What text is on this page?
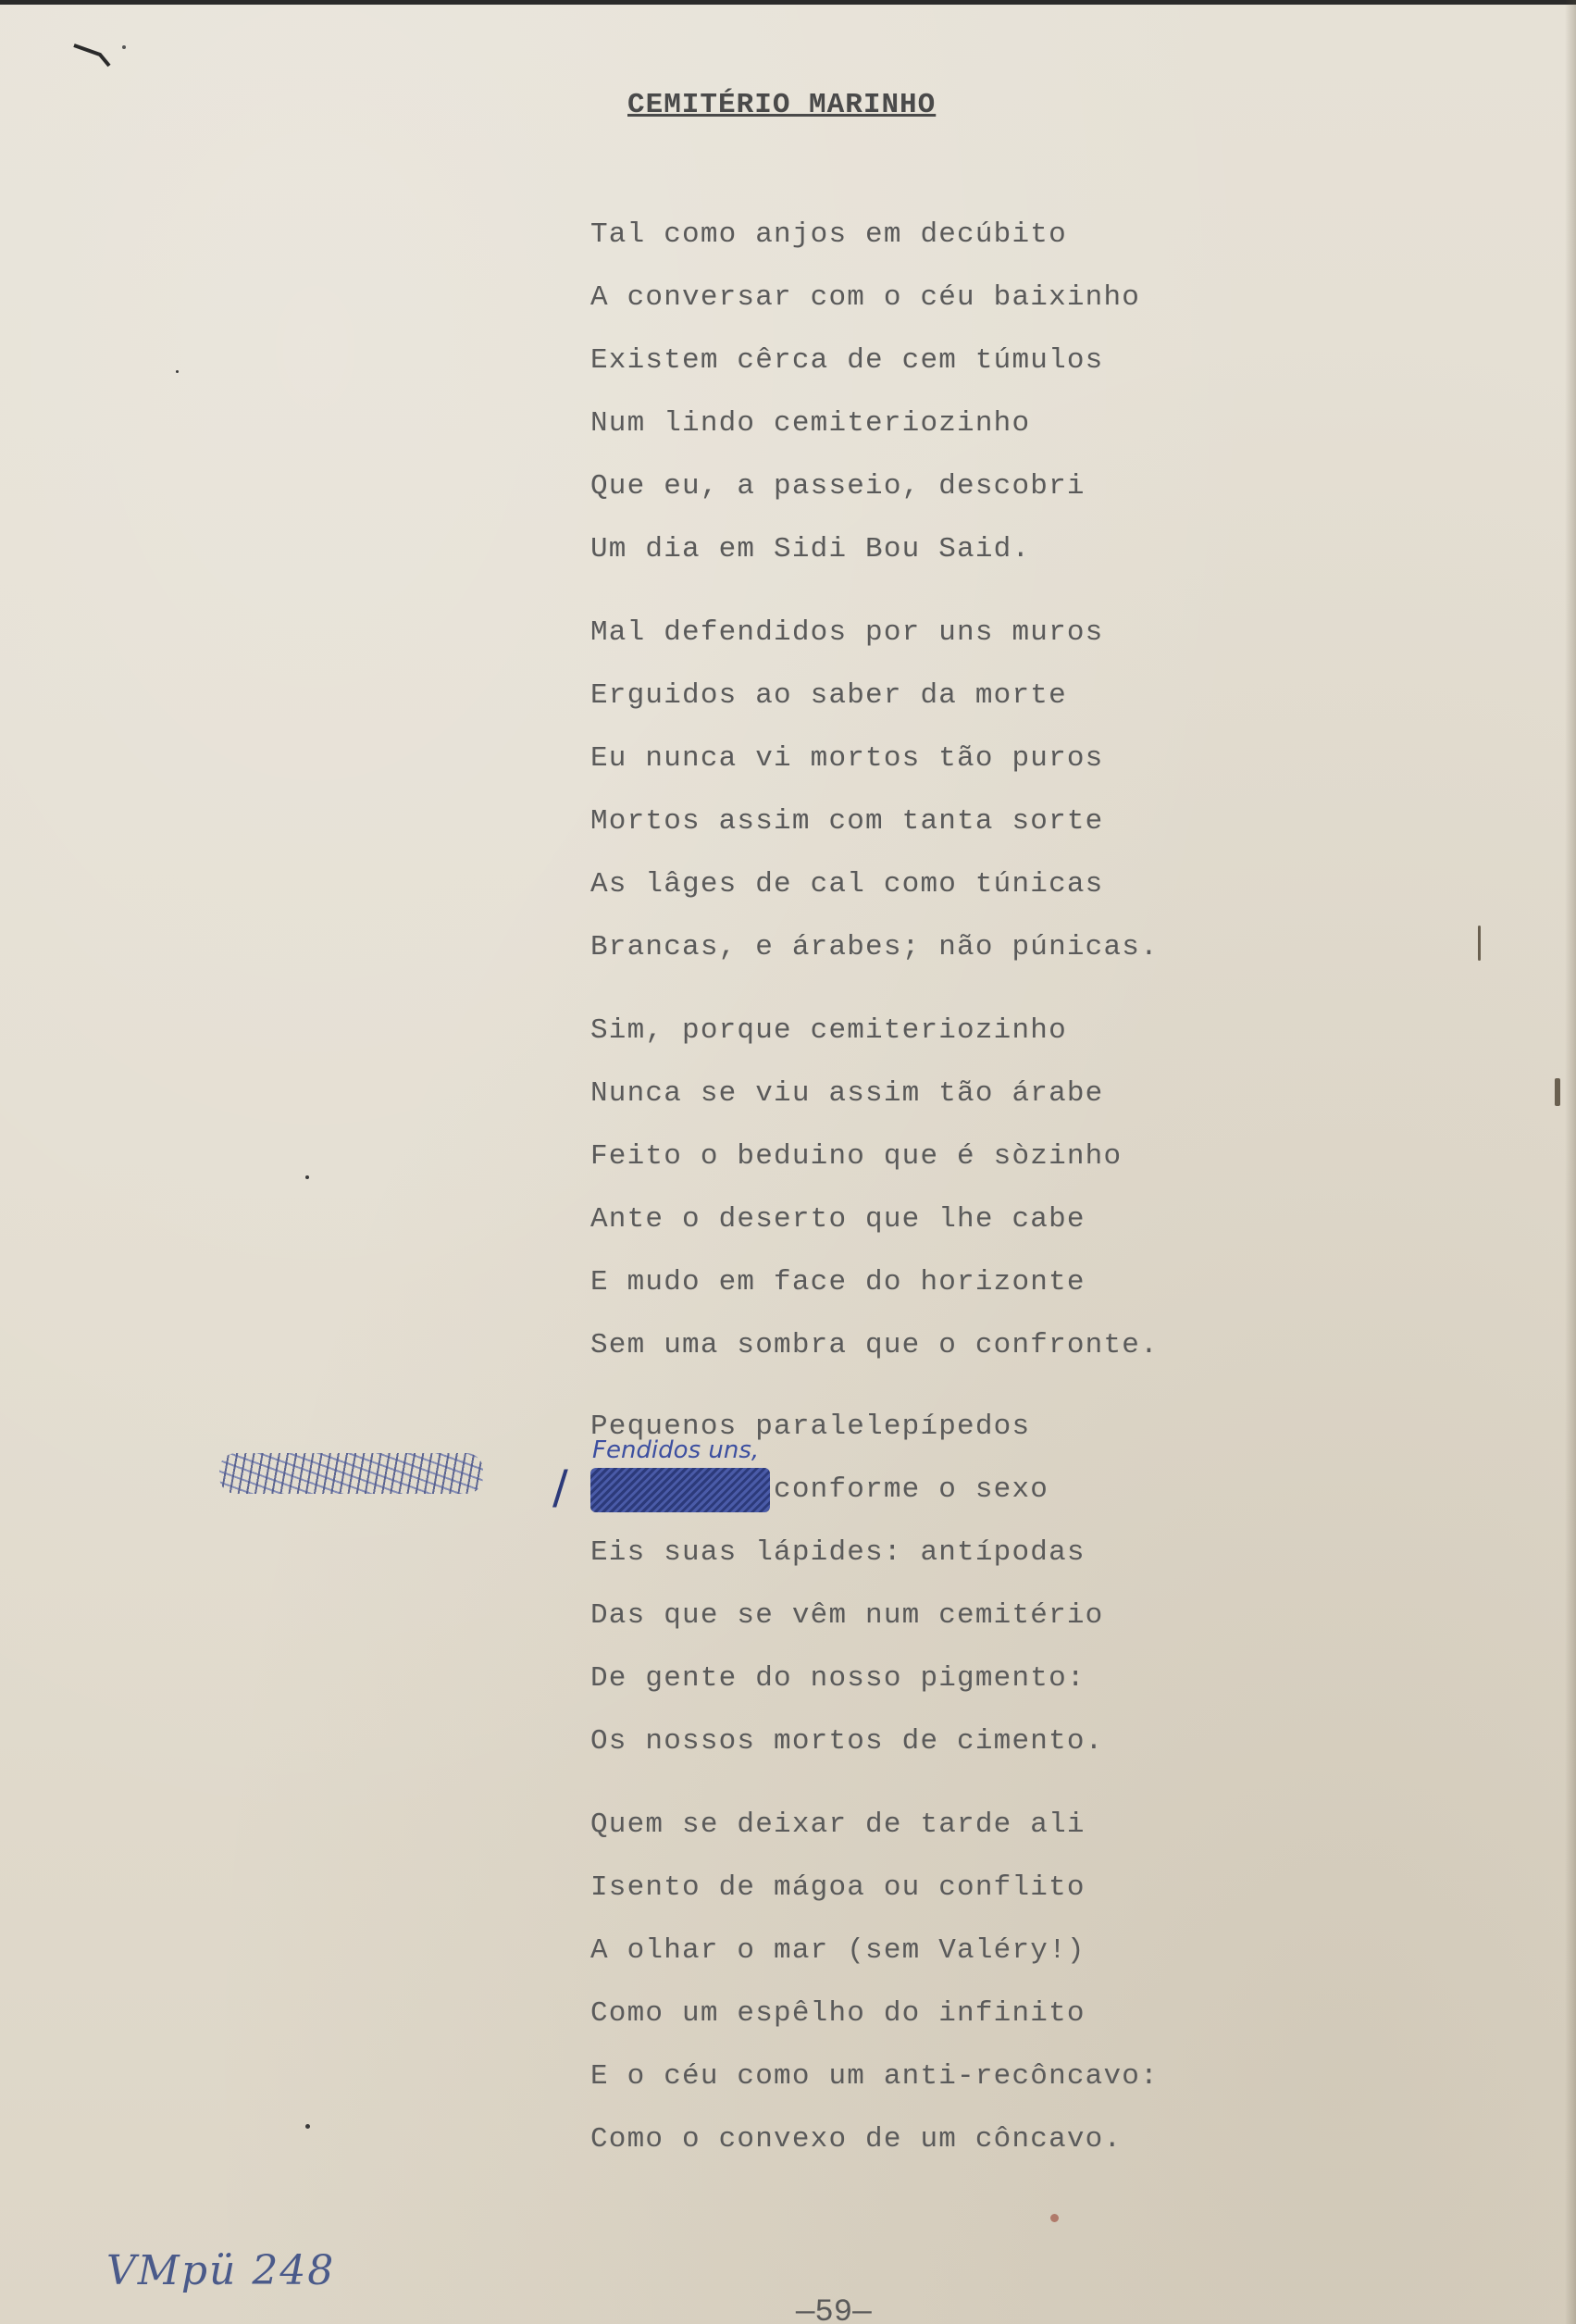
CEMITÉRIO MARINHO
Tal como anjos em decúbito
A conversar com o céu baixinho
Existem cêrca de cem túmulos
Num lindo cemiteriozinho
Que eu, a passeio, descobri
Um dia em Sidi Bou Said.
Mal defendidos por uns muros
Erguidos ao saber da morte
Eu nunca vi mortos tão puros
Mortos assim com tanta sorte
As lâges de cal como túnicas
Brancas, e árabes; não púnicas.
Sim, porque cemiteriozinho
Nunca se viu assim tão árabe
Feito o beduino que é sòzinho
Ante o deserto que lhe cabe
E mudo em face do horizonte
Sem uma sombra que o confronte.
Pequenos paralelepípedos
conforme o sexo
Eis suas lápides: antípodas
Das que se vêm num cemitério
De gente do nosso pigmento:
Os nossos mortos de cimento.
Fendidos uns,
/
Quem se deixar de tarde ali
Isento de mágoa ou conflito
A olhar o mar (sem Valéry!)
Como um espêlho do infinito
E o céu como um anti-recôncavo:
Como o convexo de um côncavo.
VMpü 248
—59—
